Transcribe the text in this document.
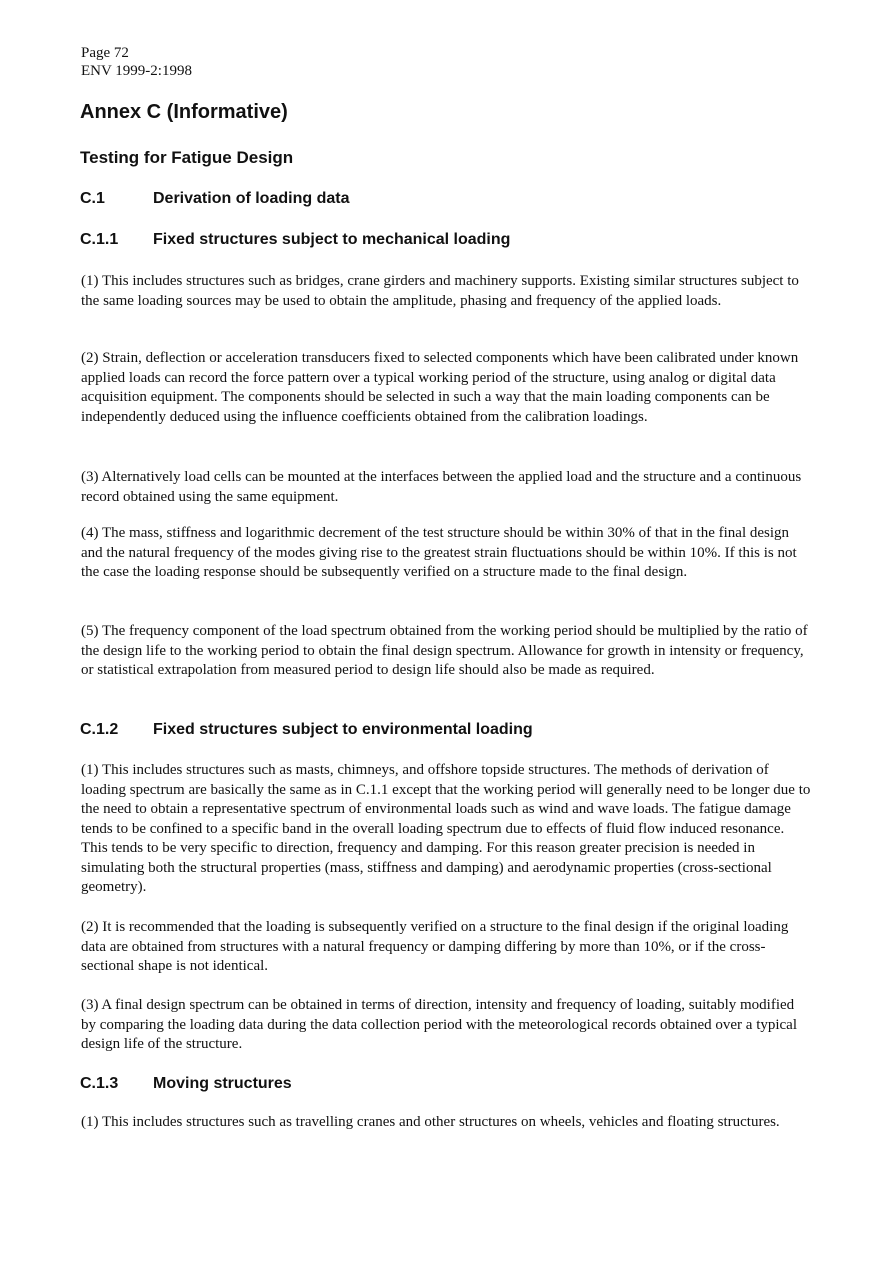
Page 72
ENV 1999-2:1998
Annex C (Informative)
Testing for Fatigue Design
C.1	Derivation of loading data
C.1.1 Fixed structures subject to mechanical loading
(1) This includes structures such as bridges, crane girders and machinery supports. Existing similar structures subject to the same loading sources may be used to obtain the amplitude, phasing and frequency of the applied loads.
(2) Strain, deflection or acceleration transducers fixed to selected components which have been calibrated under known applied loads can record the force pattern over a typical working period of the structure, using analog or digital data acquisition equipment. The components should be selected in such a way that the main loading components can be independently deduced using the influence coefficients obtained from the calibration loadings.
(3) Alternatively load cells can be mounted at the interfaces between the applied load and the structure and a continuous record obtained using the same equipment.
(4) The mass, stiffness and logarithmic decrement of the test structure should be within 30% of that in the final design and the natural frequency of the modes giving rise to the greatest strain fluctuations should be within 10%. If this is not the case the loading response should be subsequently verified on a structure made to the final design.
(5) The frequency component of the load spectrum obtained from the working period should be multiplied by the ratio of the design life to the working period to obtain the final design spectrum. Allowance for growth in intensity or frequency, or statistical extrapolation from measured period to design life should also be made as required.
C.1.2 Fixed structures subject to environmental loading
(1) This includes structures such as masts, chimneys, and offshore topside structures. The methods of derivation of loading spectrum are basically the same as in C.1.1 except that the working period will generally need to be longer due to the need to obtain a representative spectrum of environmental loads such as wind and wave loads. The fatigue damage tends to be confined to a specific band in the overall loading spectrum due to effects of fluid flow induced resonance. This tends to be very specific to direction, frequency and damping. For this reason greater precision is needed in simulating both the structural properties (mass, stiffness and damping) and aerodynamic properties (cross-sectional geometry).
(2) It is recommended that the loading is subsequently verified on a structure to the final design if the original loading data are obtained from structures with a natural frequency or damping differing by more than 10%, or if the cross-sectional shape is not identical.
(3) A final design spectrum can be obtained in terms of direction, intensity and frequency of loading, suitably modified by comparing the loading data during the data collection period with the meteorological records obtained over a typical design life of the structure.
C.1.3 Moving structures
(1) This includes structures such as travelling cranes and other structures on wheels, vehicles and floating structures.
